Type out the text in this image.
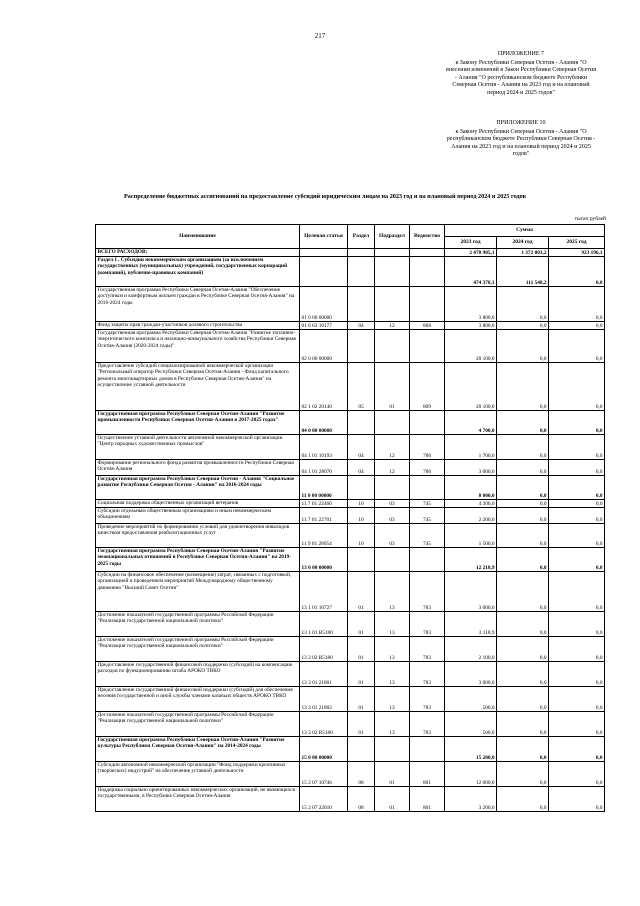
217
ПРИЛОЖЕНИЕ 7
к Закону Республики Северная Осетия - Алания "О внесении изменений в Закон Республики Северная Осетия - Алания "О республиканском бюджете Республики Северная Осетия - Алания на 2023 год и на плановый период 2024 и 2025 годов"
ПРИЛОЖЕНИЕ 10
к Закону Республики Северная Осетия - Алания "О республиканском бюджете Республики Северная Осетия - Алания на 2023 год и на плановый период 2024 и 2025 годов"
Распределение бюджетных ассигнований на предоставление субсидий юридическим лицам на 2023 год и на плановый период 2024 и 2025 годов
тысяч рублей
Наименование	Целевая статья	Раздел	Подраздел	Ведомство	Сумма		
					2023 год	2024 год	2025 год
ВСЕГО РАСХОДОВ:					2 478 905,1	1 372 003,2	923 196,1
Раздел I . Субсидии некоммерческим организациям (за исключением государственных (муниципальных) учреждений, государственных корпораций (компаний), публично-правовых компаний)					474 378,1	111 548,2	0,0
Государственная программа Республики Северная Осетия-Алания "Обеспечение доступным и комфортным жильем граждан в Республике Северная Осетия-Алания" на 2016-2024 годы	01 0 00 00000				3 800,0	0,0	0,0
Фонд защиты прав граждан-участников долевого строительства	01 6 63 10177	04	12	808	3 800,0	0,0	0,0
Государственная программа Республики Северная Осетия-Алания "Развитие топливно-энергетического комплекса и жилищно-коммунального хозяйства Республики Северная Осетия-Алания (2020-2024 годы)"	02 0 00 00000				20 100,0	0,0	0,0
Предоставление субсидий специализированной некоммерческой организации "Региональный оператор Республики Северная Осетия-Алания - Фонд капитального ремонта многоквартирных домов в Республике Северная Осетия-Алания" на осуществление уставной деятельности	02 1 02 20140	05	01	809	20 100,0	0,0	0,0
Государственная программа Республики Северная Осетия-Алания "Развитие промышленности Республики Северная Осетия-Алания в 2017-2025 годах"	04 0 00 00000				4 700,0	0,0	0,0
Осуществление уставной деятельности автономной некоммерческой организации "Центр народных художественных промыслов"	04 1 01 10193	04	12	786	1 700,0	0,0	0,0
Формирование регионального фонда развития промышленности Республики Северная Осетия-Алания	04 1 01 28070	04	12	786	3 000,0	0,0	0,0
Государственная программа Республики Северная Осетия - Алания "Социальное развитие Республики Северная Осетия - Алания" на 2016-2024 годы	11 0 00 00000				8 000,0	0,0	0,0
Социальная поддержка общественных организаций ветеранов	11 7 01 22460	10	03	745	4 300,0	0,0	0,0
Субсидии отдельным общественным организациям и иным некоммерческим объединениям	11 7 01 22701	10	03	745	2 200,0	0,0	0,0
Проведение мероприятий по формированию условий для удовлетворения инвалидов качеством предоставления реабилитационных услуг	11 9 01 28054	10	03	745	1 500,0	0,0	0,0
Государственная программа Республики Северная Осетия-Алания "Развитие межнациональных отношений в Республике Северная Осетия-Алания" на 2019-2025 годы	13 0 00 00000				12 218,9	0,0	0,0
Субсидии на финансовое обеспечение (возмещение) затрат, связанных с подготовкой, организацией и проведением мероприятий Международному общественному движению "Высший Совет Осетин"	13 1 01 10727	01	13	783	3 000,0	0,0	0,0
Достижение показателей государственной программы Российской Федерации "Реализация государственной национальной политики"	13 1 01 R5180	01	13	783	3 118,9	0,0	0,0
Достижение показателей государственной программы Российской Федерации "Реализация государственной национальной политики"	13 2 02 R5180	01	13	783	2 100,0	0,0	0,0
Предоставление государственной финансовой поддержки (субсидий) на компенсацию расходов по функционированию штаба АРОКО ТВКО	13 3 01 21801	01	13	783	3 000,0	0,0	0,0
Предоставление государственной финансовой поддержки (субсидий) для обеспечения несения государственной и иной службы членами казачьих обществ АРОКО ТВКО	13 3 01 21802	01	13	783	500,0	0,0	0,0
Достижение показателей государственной программы Российской Федерации "Реализация государственной национальной политики"	13 3 02 R5180	01	13	783	500,0	0,0	0,0
Государственная программа Республики Северная Осетия-Алания "Развитие культуры Республики Северная Осетия-Алания" на 2014-2024 годы	15 0 00 00000				15 200,0	0,0	0,0
Субсидии автономной некоммерческой организации "Фонд поддержки креативных (творческих) индустрий" на обеспечение уставной деятельности	15 2 07 10746	08	01	801	12 000,0	0,0	0,0
Поддержка социально ориентированных некоммерческих организаций, не являющихся государственными, в Республике Северная Осетия-Алания	15 2 07 22010	08	01	801	3 200,0	0,0	0,0
